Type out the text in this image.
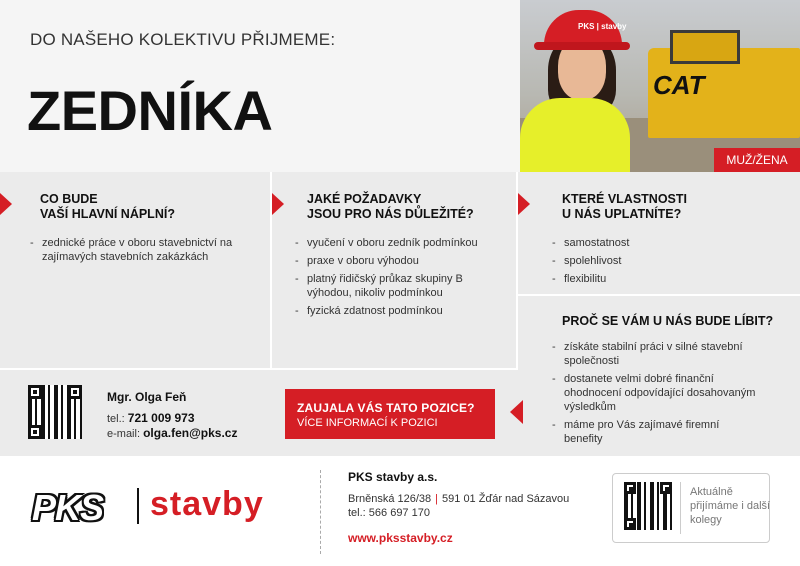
DO NAŠEHO KOLEKTIVU PŘIJMEME:
ZEDNÍKA	CAT
PKS | stavby
MUŽ/ŽENA
CO BUDE
VAŠÍ HLAVNÍ NÁPLNÍ?
- zednické práce v oboru stavebnictví na zajímavých stavebních zakázkách
JAKÉ POŽADAVKY
JSOU PRO NÁS DŮLEŽITÉ?
- vyučení v oboru zedník podmínkou
- praxe v oboru výhodou
- platný řidičský průkaz skupiny B výhodou, nikoliv podmínkou
- fyzická zdatnost podmínkou
KTERÉ VLASTNOSTI
U NÁS UPLATNÍTE?
- samostatnost
- spolehlivost
- flexibilitu
PROČ SE VÁM U NÁS BUDE LÍBIT?
- získáte stabilní práci v silné stavební společnosti
- dostanete velmi dobré finanční ohodnocení odpovídající dosahovaným výsledkům
- máme pro Vás zajímavé firemní benefity
Mgr. Olga Feň
tel.: 721 009 973
e-mail: olga.fen@pks.cz
ZAUJALA VÁS TATO POZICE?
VÍCE INFORMACÍ K POZICI
PKS stavby
PKS stavby a.s.
Brněnská 126/38 | 591 01 Žďár nad Sázavou
tel.: 566 697 170
www.pksstavby.cz
Aktuálně přijímáme i další kolegy
